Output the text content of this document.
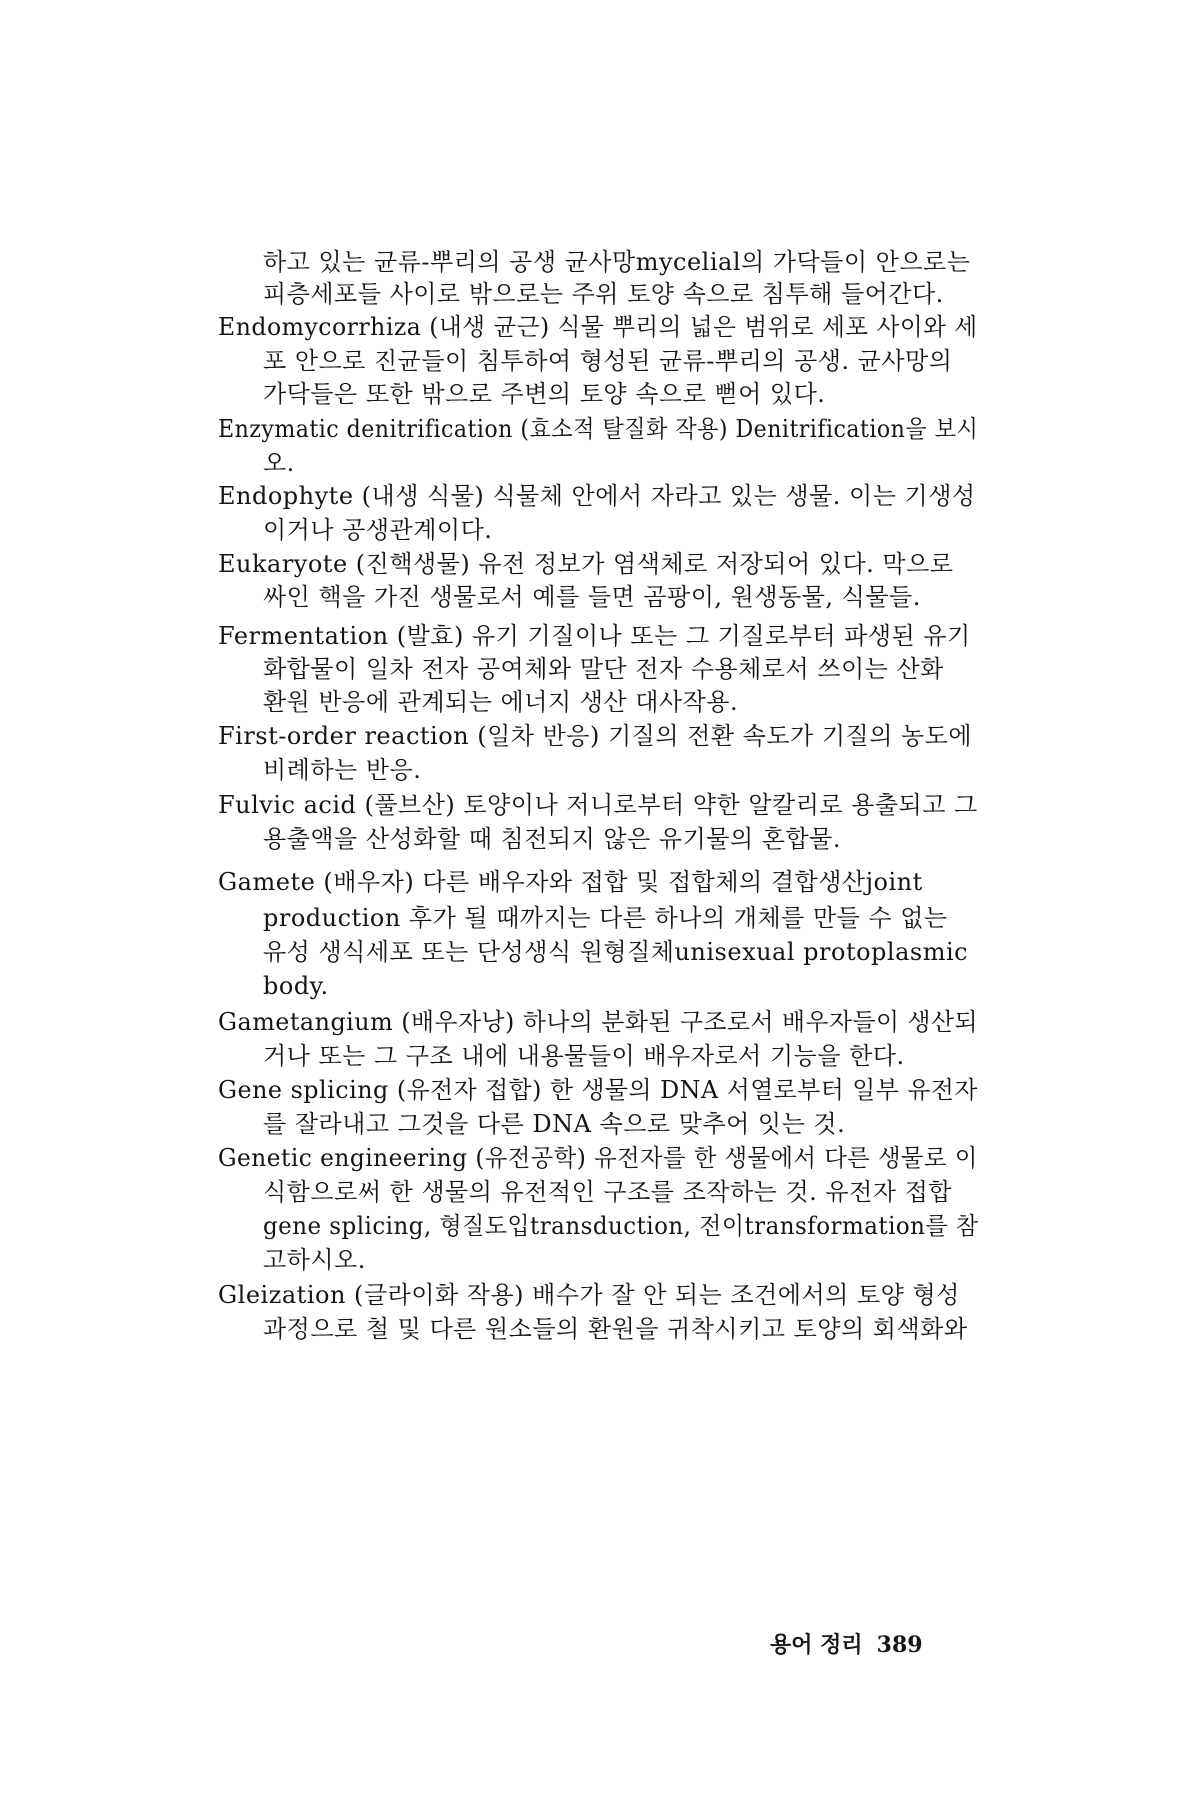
하고 있는 균류-뿌리의 공생 균사망mycelial의 가닥들이 안으로는
피층세포들 사이로 밖으로는 주위 토양 속으로 침투해 들어간다.
Endomycorrhiza (내생 균근) 식물 뿌리의 넓은 범위로 세포 사이와 세
포 안으로 진균들이 침투하여 형성된 균류-뿌리의 공생. 균사망의
가닥들은 또한 밖으로 주변의 토양 속으로 뻗어 있다.
Enzymatic denitrification (효소적 탈질화 작용) Denitrification을 보시
오.
Endophyte (내생 식물) 식물체 안에서 자라고 있는 생물. 이는 기생성
이거나 공생관계이다.
Eukaryote (진핵생물) 유전 정보가 염색체로 저장되어 있다. 막으로
싸인 핵을 가진 생물로서 예를 들면 곰팡이, 원생동물, 식물들.
Fermentation (발효) 유기 기질이나 또는 그 기질로부터 파생된 유기
화합물이 일차 전자 공여체와 말단 전자 수용체로서 쓰이는 산화
환원 반응에 관계되는 에너지 생산 대사작용.
First-order reaction (일차 반응) 기질의 전환 속도가 기질의 농도에
비례하는 반응.
Fulvic acid (풀브산) 토양이나 저니로부터 약한 알칼리로 용출되고 그
용출액을 산성화할 때 침전되지 않은 유기물의 혼합물.
Gamete (배우자) 다른 배우자와 접합 및 접합체의 결합생산joint
production 후가 될 때까지는 다른 하나의 개체를 만들 수 없는
유성 생식세포 또는 단성생식 원형질체unisexual protoplasmic
body.
Gametangium (배우자낭) 하나의 분화된 구조로서 배우자들이 생산되
거나 또는 그 구조 내에 내용물들이 배우자로서 기능을 한다.
Gene splicing (유전자 접합) 한 생물의 DNA 서열로부터 일부 유전자
를 잘라내고 그것을 다른 DNA 속으로 맞추어 잇는 것.
Genetic engineering (유전공학) 유전자를 한 생물에서 다른 생물로 이
식함으로써 한 생물의 유전적인 구조를 조작하는 것. 유전자 접합
gene splicing, 형질도입transduction, 전이transformation를 참
고하시오.
Gleization (글라이화 작용) 배수가 잘 안 되는 조건에서의 토양 형성
과정으로 철 및 다른 원소들의 환원을 귀착시키고 토양의 회색화와
용어 정리 389
